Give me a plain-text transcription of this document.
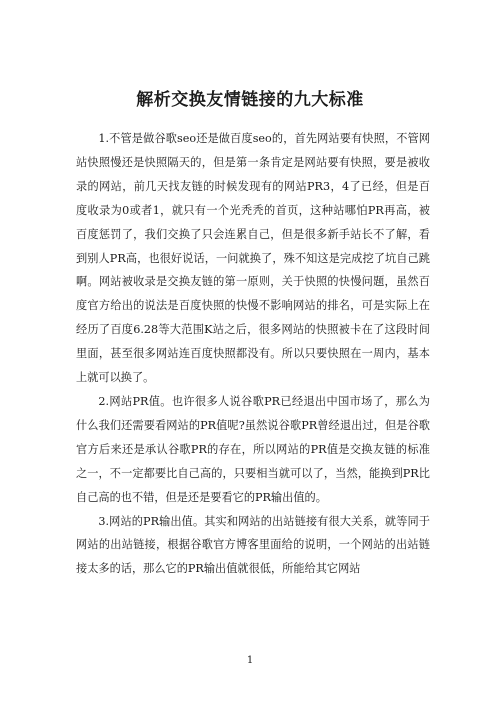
解析交换友情链接的九大标准

1.不管是做谷歌seo还是做百度seo的，首先网站要有快照，不管网站快照慢还是快照隔天的，但是第一条肯定是网站要有快照，要是被收录的网站，前几天找友链的时候发现有的网站PR3，4了已经，但是百度收录为0或者1，就只有一个光秃秃的首页，这种站哪怕PR再高，被百度惩罚了，我们交换了只会连累自己，但是很多新手站长不了解，看到别人PR高，也很好说话，一问就换了，殊不知这是完成挖了坑自己跳啊。网站被收录是交换友链的第一原则，关于快照的快慢问题，虽然百度官方给出的说法是百度快照的快慢不影响网站的排名，可是实际上在经历了百度6.28等大范围K站之后，很多网站的快照被卡在了这段时间里面，甚至很多网站连百度快照都没有。所以只要快照在一周内，基本上就可以换了。

2.网站PR值。也许很多人说谷歌PR已经退出中国市场了，那么为什么我们还需要看网站的PR值呢?虽然说谷歌PR曾经退出过，但是谷歌官方后来还是承认谷歌PR的存在，所以网站的PR值是交换友链的标准之一，不一定都要比自己高的，只要相当就可以了，当然，能换到PR比自己高的也不错，但是还是要看它的PR输出值的。

3.网站的PR输出值。其实和网站的出站链接有很大关系，就等同于网站的出站链接，根据谷歌官方博客里面给的说明，一个网站的出站链接太多的话，那么它的PR输出值就很低，所能给其它网站

1
